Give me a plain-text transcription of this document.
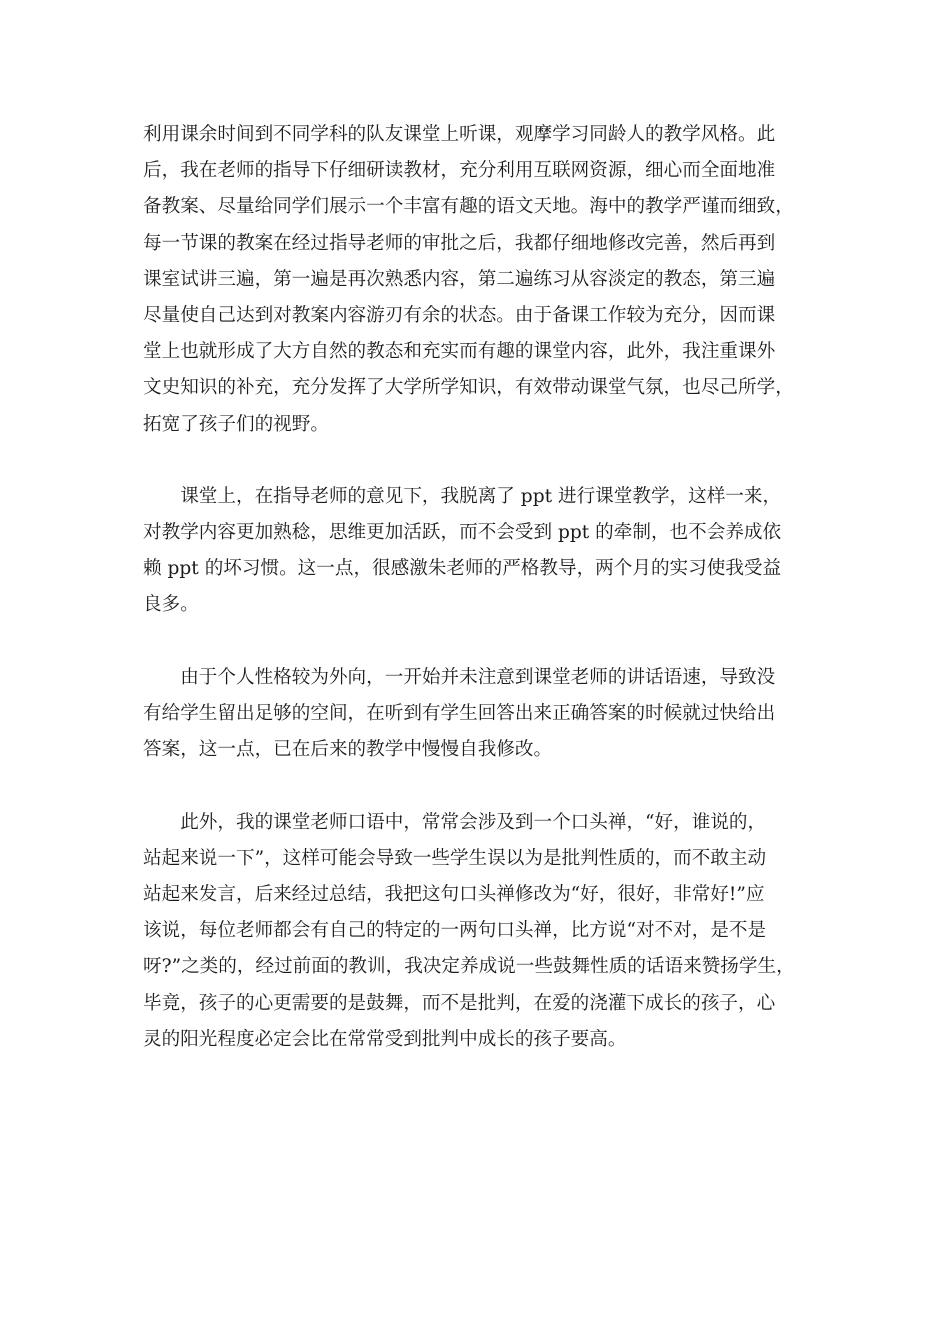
利用课余时间到不同学科的队友课堂上听课，观摩学习同龄人的教学风格。此
后，我在老师的指导下仔细研读教材，充分利用互联网资源，细心而全面地准
备教案、尽量给同学们展示一个丰富有趣的语文天地。海中的教学严谨而细致，
每一节课的教案在经过指导老师的审批之后，我都仔细地修改完善，然后再到
课室试讲三遍，第一遍是再次熟悉内容，第二遍练习从容淡定的教态，第三遍
尽量使自己达到对教案内容游刃有余的状态。由于备课工作较为充分，因而课
堂上也就形成了大方自然的教态和充实而有趣的课堂内容，此外，我注重课外
文史知识的补充，充分发挥了大学所学知识，有效带动课堂气氛，也尽己所学，
拓宽了孩子们的视野。
　　课堂上，在指导老师的意见下，我脱离了 ppt 进行课堂教学，这样一来，
对教学内容更加熟稔，思维更加活跃，而不会受到 ppt 的牵制，也不会养成依
赖 ppt 的坏习惯。这一点，很感激朱老师的严格教导，两个月的实习使我受益
良多。
　　由于个人性格较为外向，一开始并未注意到课堂老师的讲话语速，导致没
有给学生留出足够的空间，在听到有学生回答出来正确答案的时候就过快给出
答案，这一点，已在后来的教学中慢慢自我修改。
　　此外，我的课堂老师口语中，常常会涉及到一个口头禅，“好，谁说的，
站起来说一下”，这样可能会导致一些学生误以为是批判性质的，而不敢主动
站起来发言，后来经过总结，我把这句口头禅修改为“好，很好，非常好!”应
该说，每位老师都会有自己的特定的一两句口头禅，比方说“对不对，是不是
呀?”之类的，经过前面的教训，我决定养成说一些鼓舞性质的话语来赞扬学生，
毕竟，孩子的心更需要的是鼓舞，而不是批判，在爱的浇灌下成长的孩子，心
灵的阳光程度必定会比在常常受到批判中成长的孩子要高。
